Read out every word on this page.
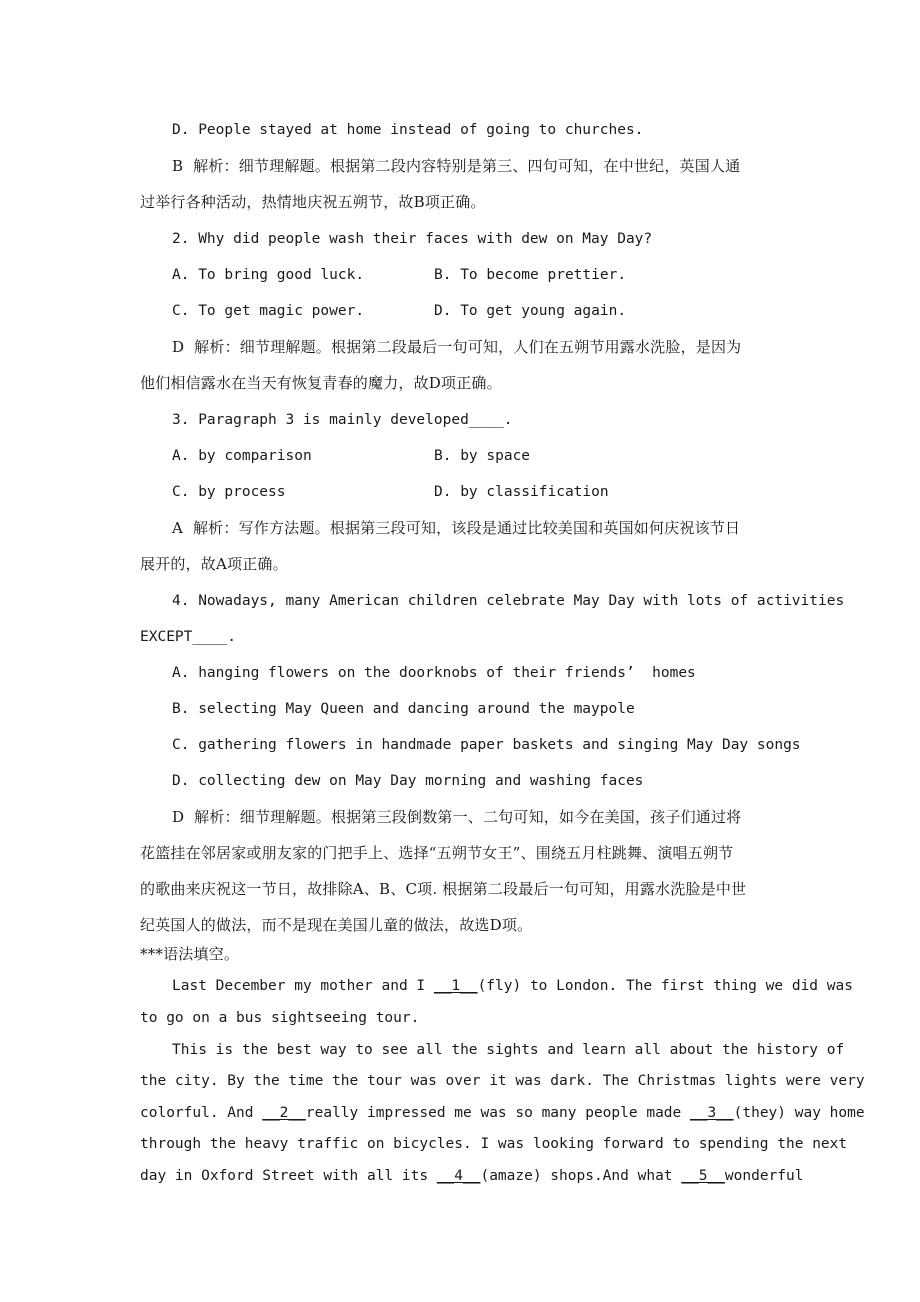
D. People stayed at home instead of going to churches.
B  解析：细节理解题。根据第二段内容特别是第三、四句可知，在中世纪，英国人通
过举行各种活动，热情地庆祝五朔节，故B项正确。
2. Why did people wash their faces with dew on May Day?
A. To bring good luck.	B. To become prettier.
C. To get magic power.	D. To get young again.
D  解析：细节理解题。根据第二段最后一句可知，人们在五朔节用露水洗脸，是因为
他们相信露水在当天有恢复青春的魔力，故D项正确。
3. Paragraph 3 is mainly developed____.
A. by comparison	B. by space
C. by process	D. by classification
A  解析：写作方法题。根据第三段可知，该段是通过比较美国和英国如何庆祝该节日
展开的，故A项正确。
4. Nowadays, many American children celebrate May Day with lots of activities
EXCEPT____.
A. hanging flowers on the doorknobs of their friends’  homes
B. selecting May Queen and dancing around the maypole
C. gathering flowers in handmade paper baskets and singing May Day songs
D. collecting dew on May Day morning and washing faces
D  解析：细节理解题。根据第三段倒数第一、二句可知，如今在美国，孩子们通过将
花篮挂在邻居家或朋友家的门把手上、选择“五朔节女王”、围绕五月柱跳舞、演唱五朔节
的歌曲来庆祝这一节日，故排除A、B、C项. 根据第二段最后一句可知，用露水洗脸是中世
纪英国人的做法，而不是现在美国儿童的做法，故选D项。
***语法填空。
Last December my mother and I __1__(fly) to London. The first thing we did was
to go on a bus sightseeing tour.
This is the best way to see all the sights and learn all about the history of
the city. By the time the tour was over it was dark. The Christmas lights were very
colorful. And __2__really impressed me was so many people made __3__(they) way home
through the heavy traffic on bicycles. I was looking forward to spending the next
day in Oxford Street with all its __4__(amaze) shops.And what __5__wonderful
